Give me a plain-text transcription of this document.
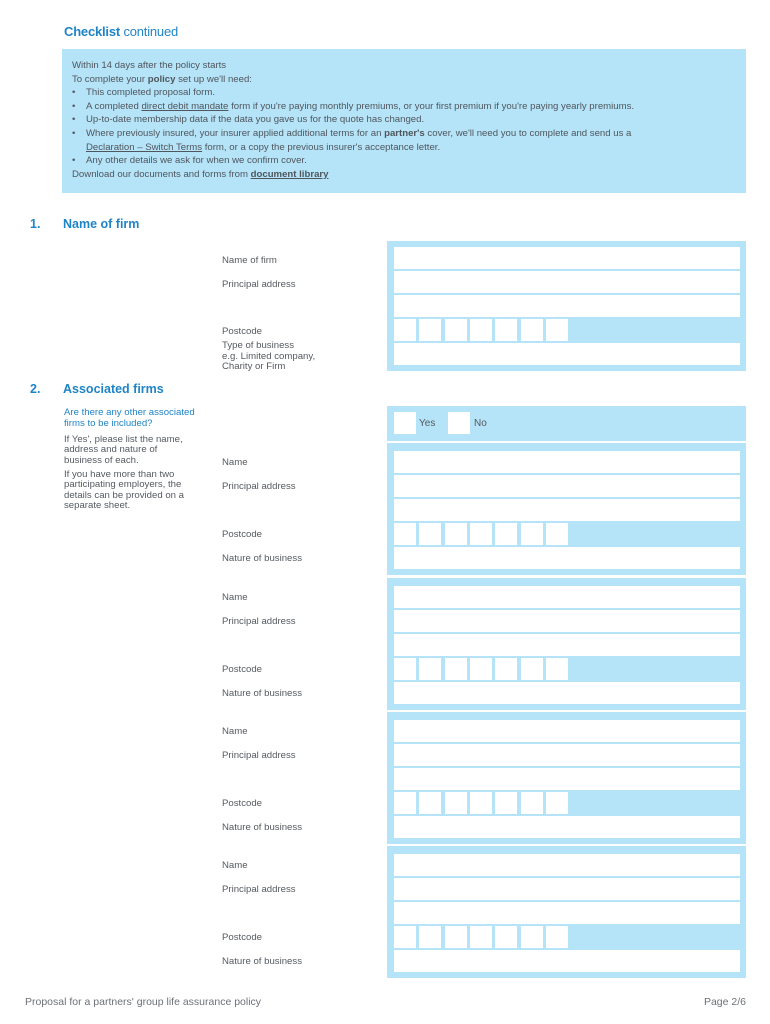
Checklist continued
Within 14 days after the policy starts
To complete your policy set up we'll need:
• This completed proposal form.
• A completed direct debit mandate form if you're paying monthly premiums, or your first premium if you're paying yearly premiums.
• Up-to-date membership data if the data you gave us for the quote has changed.
• Where previously insured, your insurer applied additional terms for an partner's cover, we'll need you to complete and send us a
Declaration – Switch Terms form, or a copy the previous insurer's acceptance letter.
• Any other details we ask for when we confirm cover.
Download our documents and forms from document library
1. Name of firm
Name of firm
Principal address
Postcode
Type of business
e.g. Limited company,
Charity or Firm
2. Associated firms
Are there any other associated
firms to be included?
If Yes', please list the name,
address and nature of
business of each.
If you have more than two
participating employers, the
details can be provided on a
separate sheet.
Yes	No
Name
Principal address
Postcode
Nature of business
Name
Principal address
Postcode
Nature of business
Name
Principal address
Postcode
Nature of business
Name
Principal address
Postcode
Nature of business
Proposal for a partners' group life assurance policy	Page 2/6
